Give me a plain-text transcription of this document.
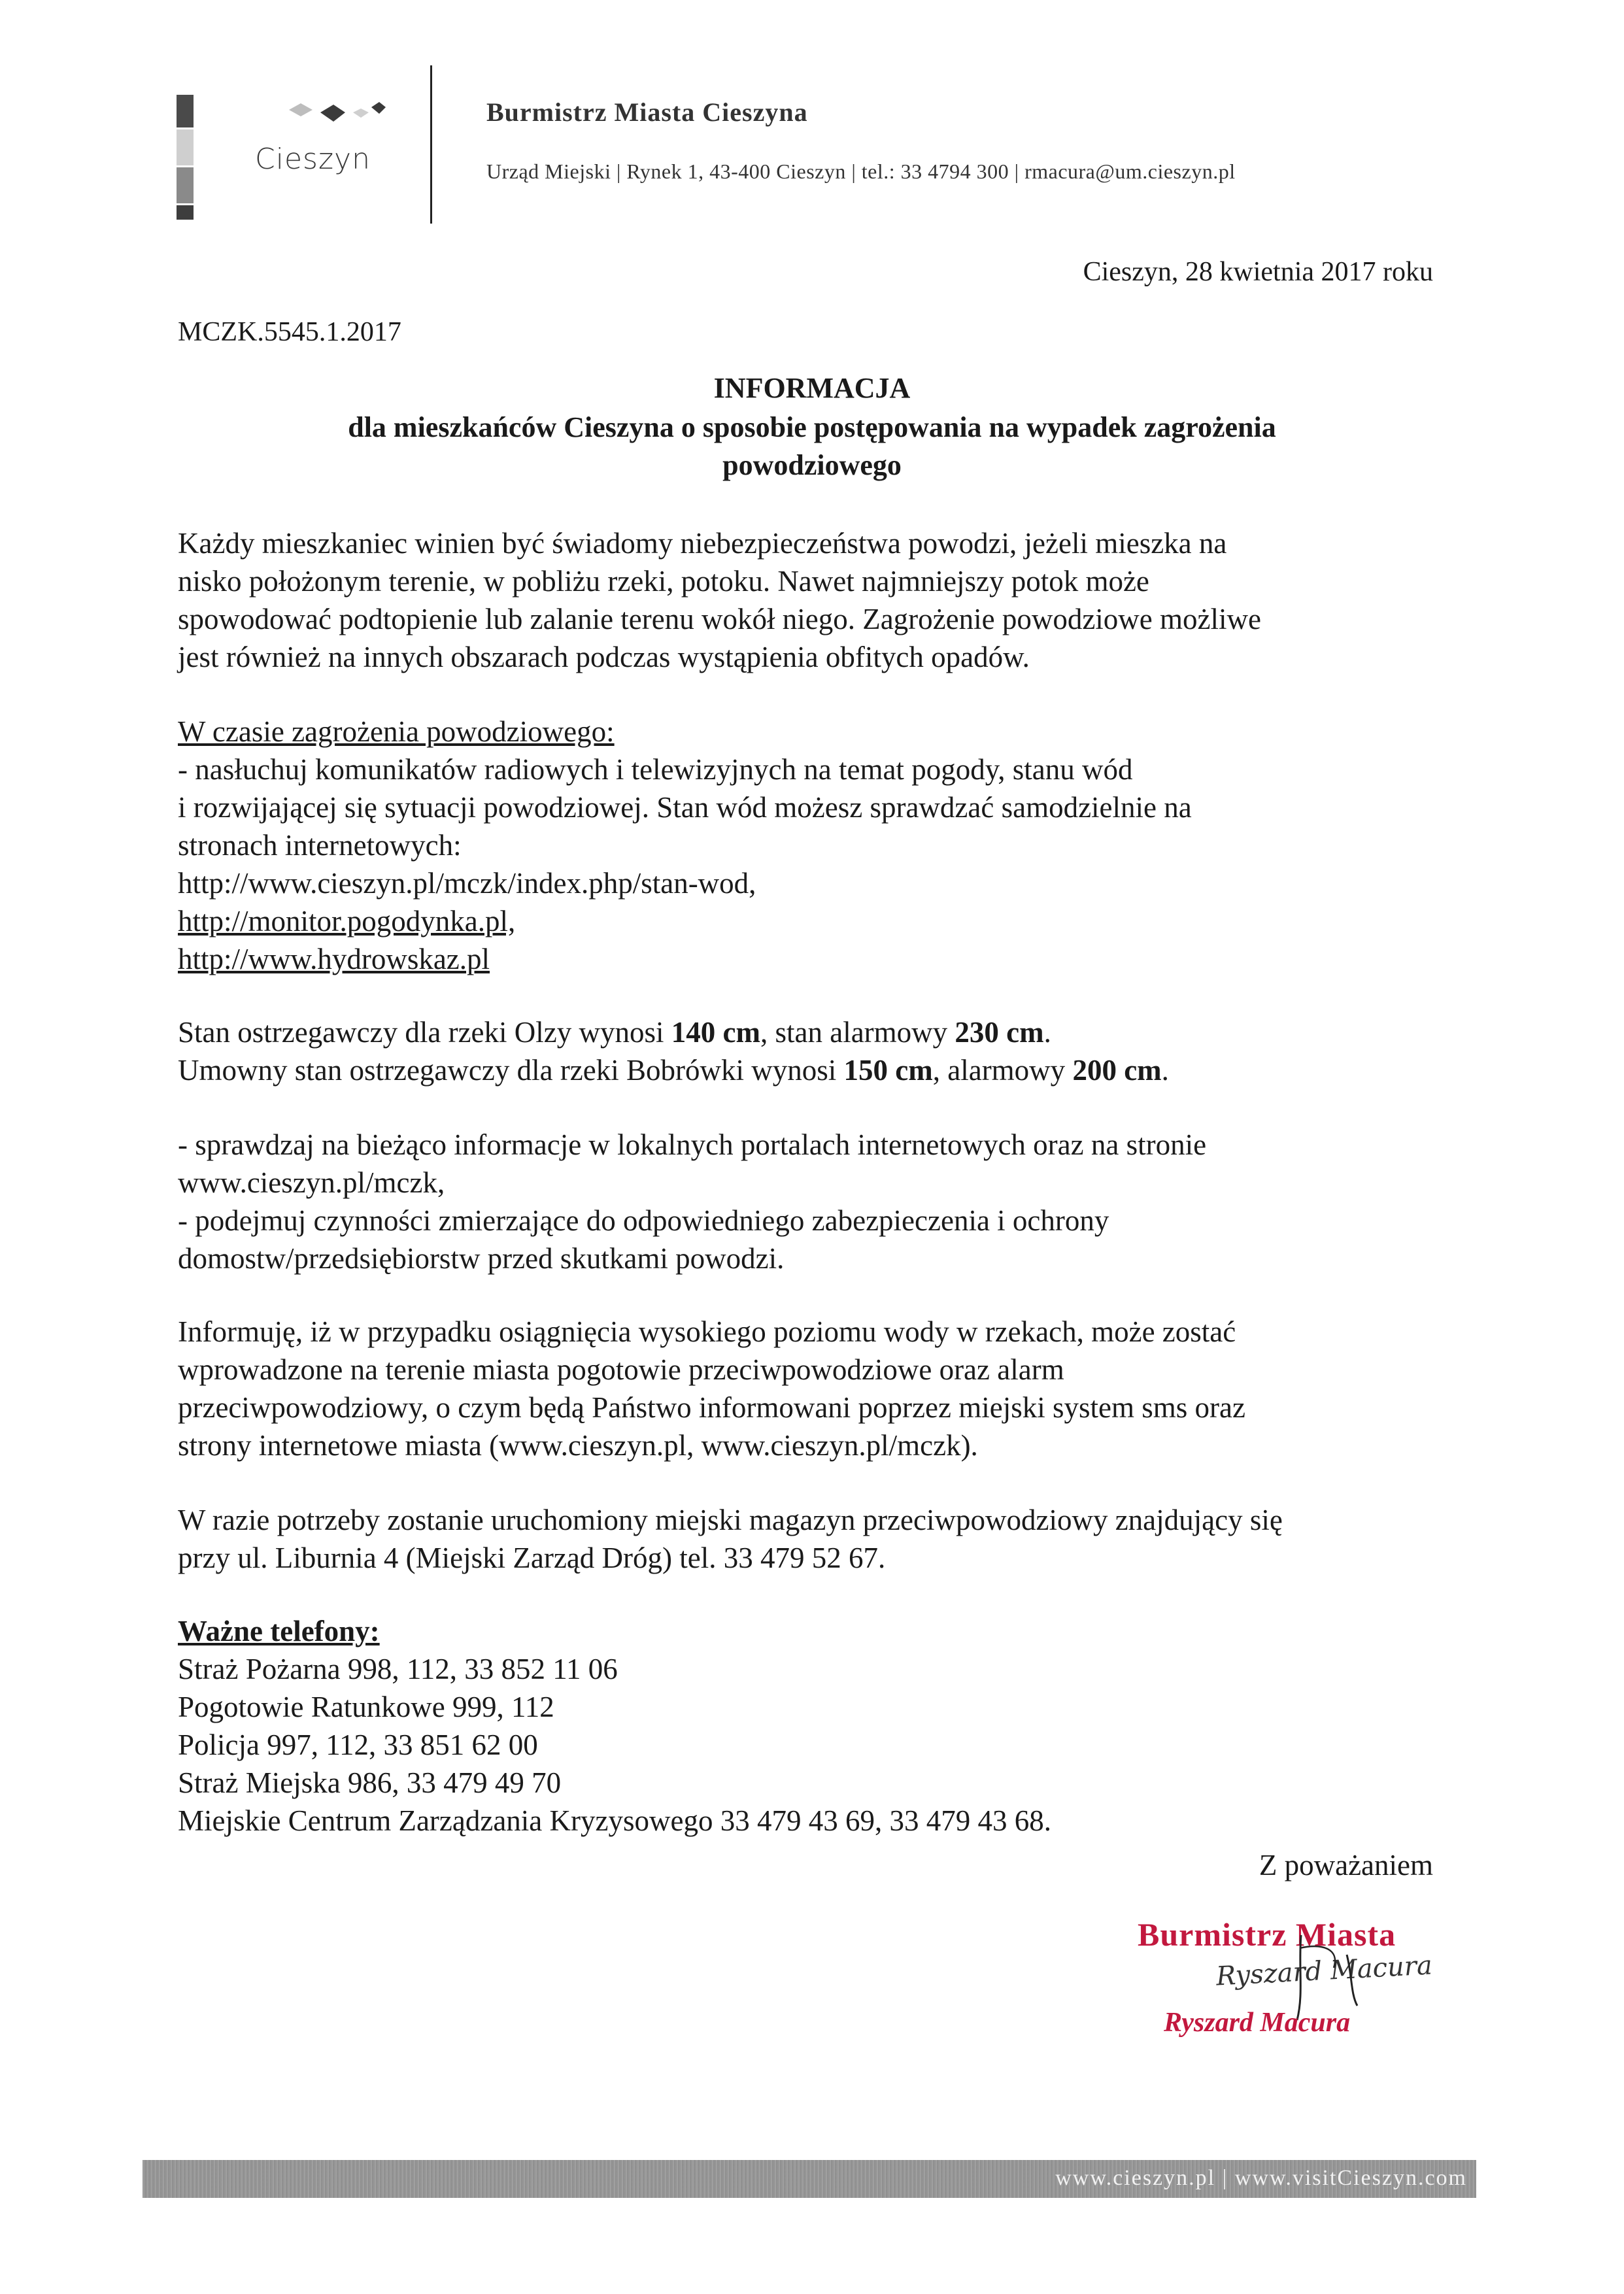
Cieszyn
Burmistrz Miasta Cieszyna
Urząd Miejski | Rynek 1, 43-400 Cieszyn | tel.: 33 4794 300 | rmacura@um.cieszyn.pl
Cieszyn, 28 kwietnia 2017 roku
MCZK.5545.1.2017
INFORMACJA
dla mieszkańców Cieszyna o sposobie postępowania na wypadek zagrożenia
powodziowego
Każdy mieszkaniec winien być świadomy niebezpieczeństwa powodzi, jeżeli mieszka na
nisko położonym terenie, w pobliżu rzeki, potoku. Nawet najmniejszy potok może
spowodować podtopienie lub zalanie terenu wokół niego. Zagrożenie powodziowe możliwe
jest również na innych obszarach podczas wystąpienia obfitych opadów.
W czasie zagrożenia powodziowego:
- nasłuchuj komunikatów radiowych i telewizyjnych na temat pogody, stanu wód
i rozwijającej się sytuacji powodziowej. Stan wód możesz sprawdzać samodzielnie na
stronach internetowych:
http://www.cieszyn.pl/mczk/index.php/stan-wod,
http://monitor.pogodynka.pl,
http://www.hydrowskaz.pl
Stan ostrzegawczy dla rzeki Olzy wynosi 140 cm, stan alarmowy 230 cm.
Umowny stan ostrzegawczy dla rzeki Bobrówki wynosi 150 cm, alarmowy 200 cm.
- sprawdzaj na bieżąco informacje w lokalnych portalach internetowych oraz na stronie
www.cieszyn.pl/mczk,
- podejmuj czynności zmierzające do odpowiedniego zabezpieczenia i ochrony
domostw/przedsiębiorstw przed skutkami powodzi.
Informuję, iż w przypadku osiągnięcia wysokiego poziomu wody w rzekach, może zostać
wprowadzone na terenie miasta pogotowie przeciwpowodziowe oraz alarm
przeciwpowodziowy, o czym będą Państwo informowani poprzez miejski system sms oraz
strony internetowe miasta (www.cieszyn.pl, www.cieszyn.pl/mczk).
W razie potrzeby zostanie uruchomiony miejski magazyn przeciwpowodziowy znajdujący się
przy ul. Liburnia 4 (Miejski Zarząd Dróg) tel. 33 479 52 67.
Ważne telefony:
Straż Pożarna 998, 112, 33 852 11 06
Pogotowie Ratunkowe 999, 112
Policja 997, 112, 33 851 62 00
Straż Miejska 986, 33 479 49 70
Miejskie Centrum Zarządzania Kryzysowego 33 479 43 69, 33 479 43 68.
Z poważaniem
Burmistrz Miasta
Ryszard Macura
Ryszard Macura
www.cieszyn.pl | www.visitCieszyn.com
